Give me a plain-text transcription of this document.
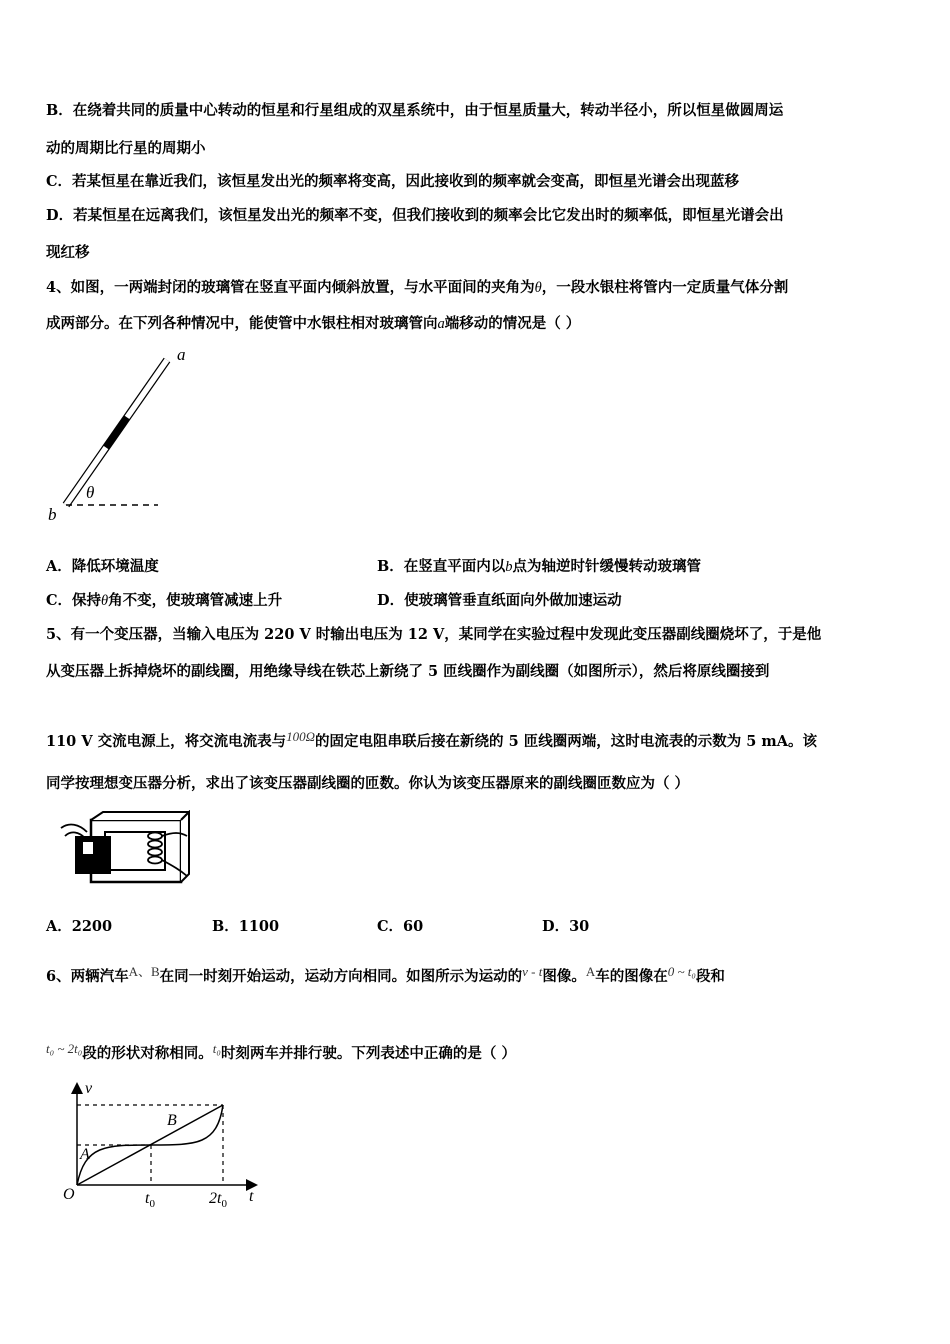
B．在绕着共同的质量中心转动的恒星和行星组成的双星系统中，由于恒星质量大，转动半径小，所以恒星做圆周运
动的周期比行星的周期小
C．若某恒星在靠近我们，该恒星发出光的频率将变高，因此接收到的频率就会变高，即恒星光谱会出现蓝移
D．若某恒星在远离我们，该恒星发出光的频率不变，但我们接收到的频率会比它发出时的频率低，即恒星光谱会出
现红移
4、如图，一两端封闭的玻璃管在竖直平面内倾斜放置，与水平面间的夹角为θ，一段水银柱将管内一定质量气体分割
成两部分。在下列各种情况中，能使管中水银柱相对玻璃管向a端移动的情况是（ ）
a
b
θ
A．降低环境温度	B．在竖直平面内以b点为轴逆时针缓慢转动玻璃管
C．保持θ角不变，使玻璃管减速上升	D．使玻璃管垂直纸面向外做加速运动
5、有一个变压器，当输入电压为 220 V 时输出电压为 12 V，某同学在实验过程中发现此变压器副线圈烧坏了，于是他
从变压器上拆掉烧坏的副线圈，用绝缘导线在铁芯上新绕了 5 匝线圈作为副线圈（如图所示），然后将原线圈接到
110 V 交流电源上，将交流电流表与100Ω的固定电阻串联后接在新绕的 5 匝线圈两端，这时电流表的示数为 5 mA。该
同学按理想变压器分析，求出了该变压器副线圈的匝数。你认为该变压器原来的副线圈匝数应为（ ）
A．2200	B．1100	C．60	D．30
6、两辆汽车A、B在同一时刻开始运动，运动方向相同。如图所示为运动的v - t图像。A车的图像在0 ~ t₀段和
t₀ ~ 2t₀段的形状对称相同。t₀时刻两车并排行驶。下列表述中正确的是（ ）
v
t
O
A
B
$t_0$	$2t_0$
